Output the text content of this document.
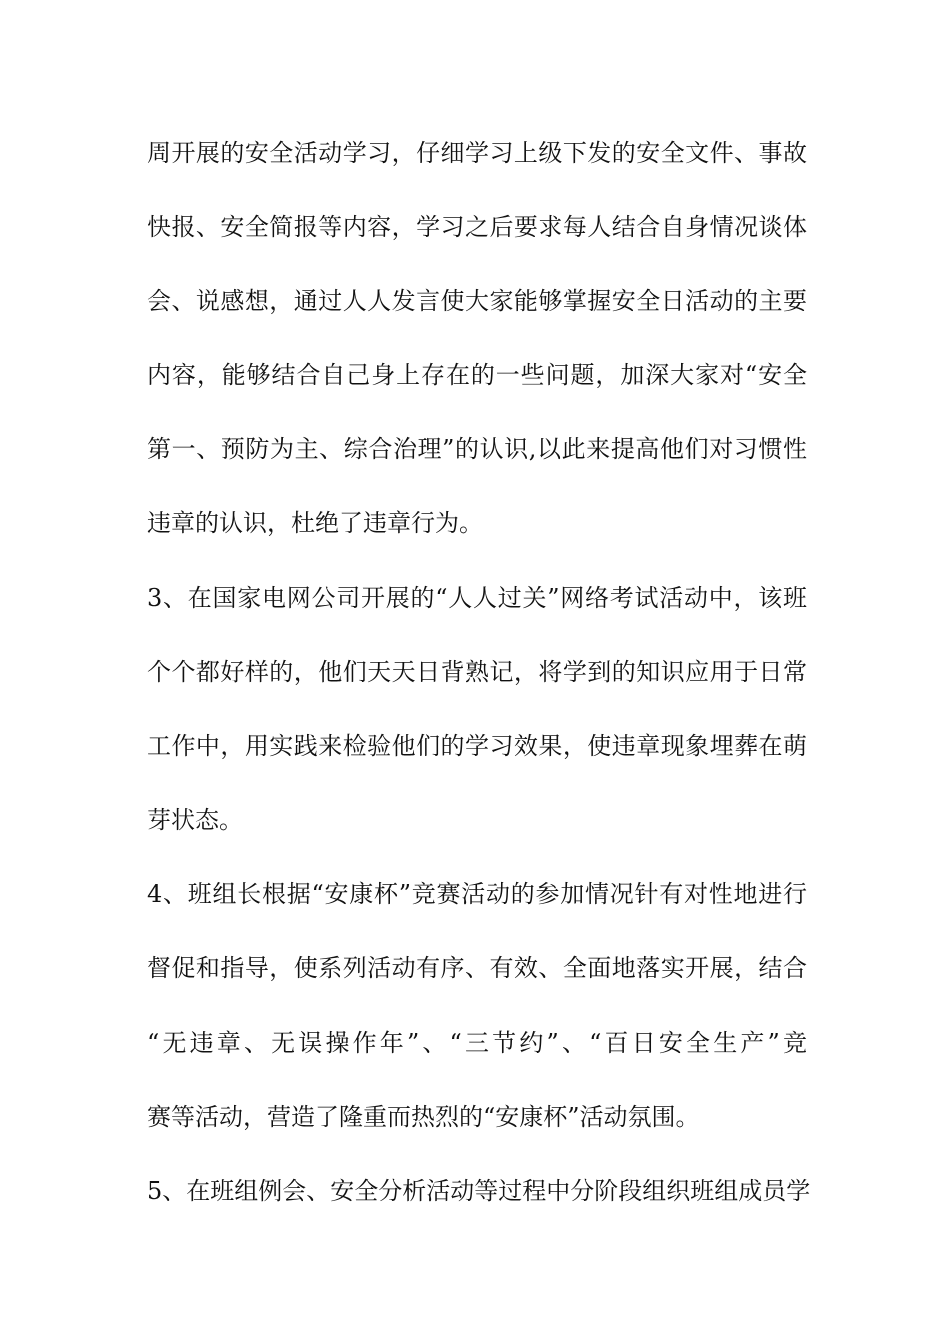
周开展的安全活动学习，仔细学习上级下发的安全文件、事故
快报、安全简报等内容，学习之后要求每人结合自身情况谈体
会、说感想，通过人人发言使大家能够掌握安全日活动的主要
内容，能够结合自己身上存在的一些问题，加深大家对“安全
第一、预防为主、综合治理”的认识,以此来提高他们对习惯性
违章的认识，杜绝了违章行为。
3、在国家电网公司开展的“人人过关”网络考试活动中，该班
个个都好样的，他们天天日背熟记，将学到的知识应用于日常
工作中，用实践来检验他们的学习效果，使违章现象埋葬在萌
芽状态。
4、班组长根据“安康杯”竞赛活动的参加情况针有对性地进行
督促和指导，使系列活动有序、有效、全面地落实开展，结合
“无违章、无误操作年”、“三节约”、“百日安全生产”竞
赛等活动，营造了隆重而热烈的“安康杯”活动氛围。
5、在班组例会、安全分析活动等过程中分阶段组织班组成员学
